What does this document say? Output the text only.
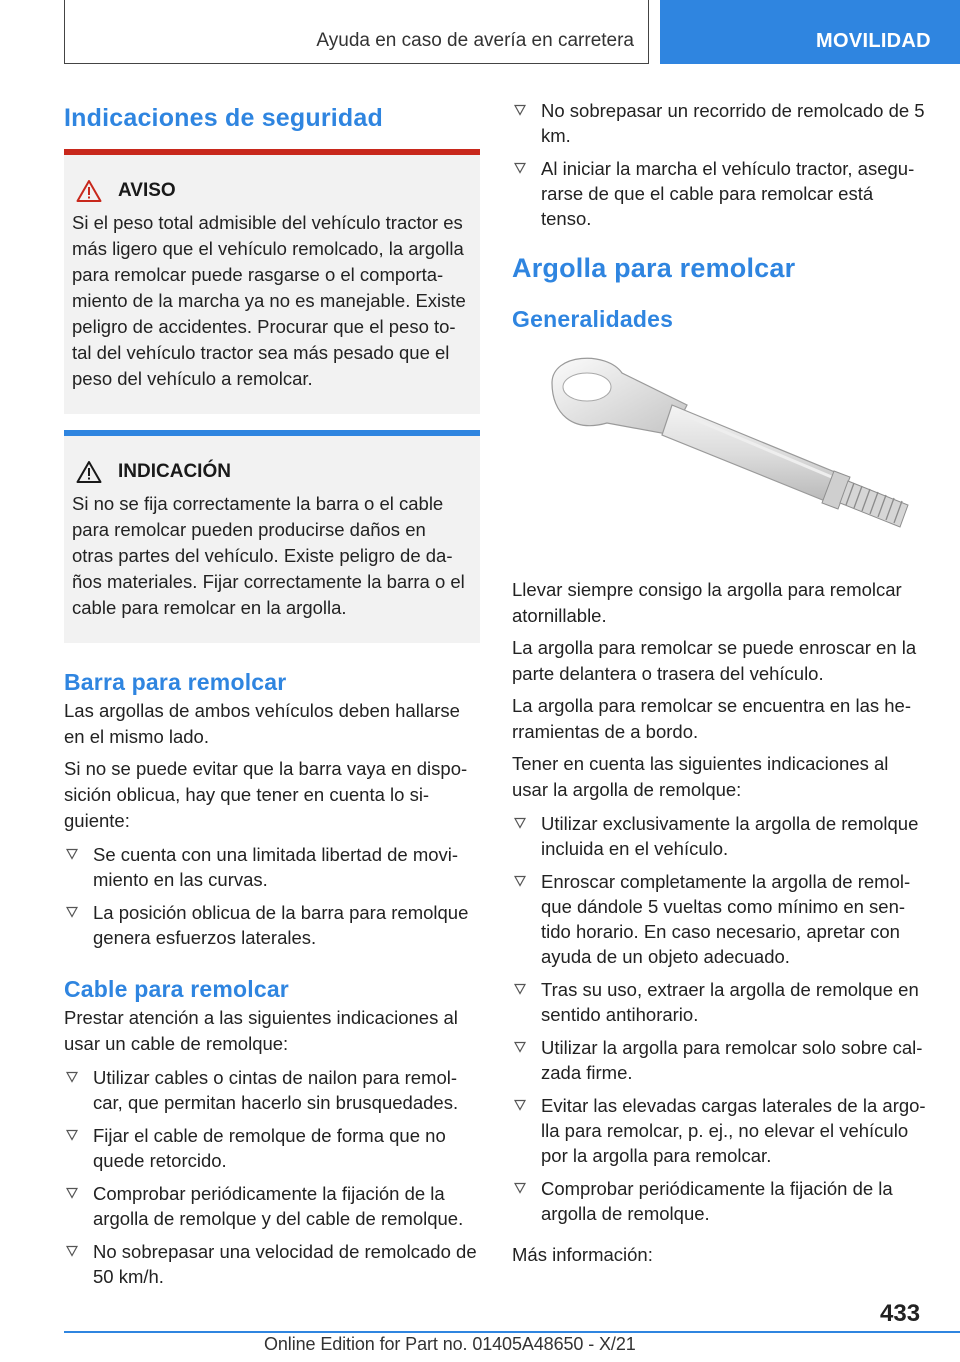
Ayuda en caso de avería en carretera	MOVILIDAD
Indicaciones de seguridad
AVISO

Si el peso total admisible del vehículo tractor es más ligero que el vehículo remolcado, la argolla para remolcar puede rasgarse o el comporta-miento de la marcha ya no es manejable. Existe peligro de accidentes. Procurar que el peso to-tal del vehículo tractor sea más pesado que el peso del vehículo a remolcar.

INDICACIÓN

Si no se fija correctamente la barra o el cable para remolcar pueden producirse daños en otras partes del vehículo. Existe peligro de da-ños materiales. Fijar correctamente la barra o el cable para remolcar en la argolla.

Barra para remolcar

Las argollas de ambos vehículos deben hallarse en el mismo lado.

Si no se puede evitar que la barra vaya en dispo-sición oblicua, hay que tener en cuenta lo si-guiente:

Se cuenta con una limitada libertad de movi-miento en las curvas.
La posición oblicua de la barra para remolque genera esfuerzos laterales.
Cable para remolcar

Prestar atención a las siguientes indicaciones al usar un cable de remolque:

Utilizar cables o cintas de nailon para remol-car, que permitan hacerlo sin brusquedades.
Fijar el cable de remolque de forma que no quede retorcido.
Comprobar periódicamente la fijación de la argolla de remolque y del cable de remolque.
No sobrepasar una velocidad de remolcado de 50 km/h.
No sobrepasar un recorrido de remolcado de 5 km.
Al iniciar la marcha el vehículo tractor, asegu-rarse de que el cable para remolcar está tenso.
Argolla para remolcar
Generalidades

Llevar siempre consigo la argolla para remolcar atornillable.

La argolla para remolcar se puede enroscar en la parte delantera o trasera del vehículo.

La argolla para remolcar se encuentra en las he-rramientas de a bordo.

Tener en cuenta las siguientes indicaciones al usar la argolla de remolque:

Utilizar exclusivamente la argolla de remolque incluida en el vehículo.
Enroscar completamente la argolla de remol-que dándole 5 vueltas como mínimo en sen-tido horario. En caso necesario, apretar con ayuda de un objeto adecuado.
Tras su uso, extraer la argolla de remolque en sentido antihorario.
Utilizar la argolla para remolcar solo sobre cal-zada firme.
Evitar las elevadas cargas laterales de la argo-lla para remolcar, p. ej., no elevar el vehículo por la argolla para remolcar.
Comprobar periódicamente la fijación de la argolla de remolque.

Más información:

433
Online Edition for Part no. 01405A48650 - X/21
